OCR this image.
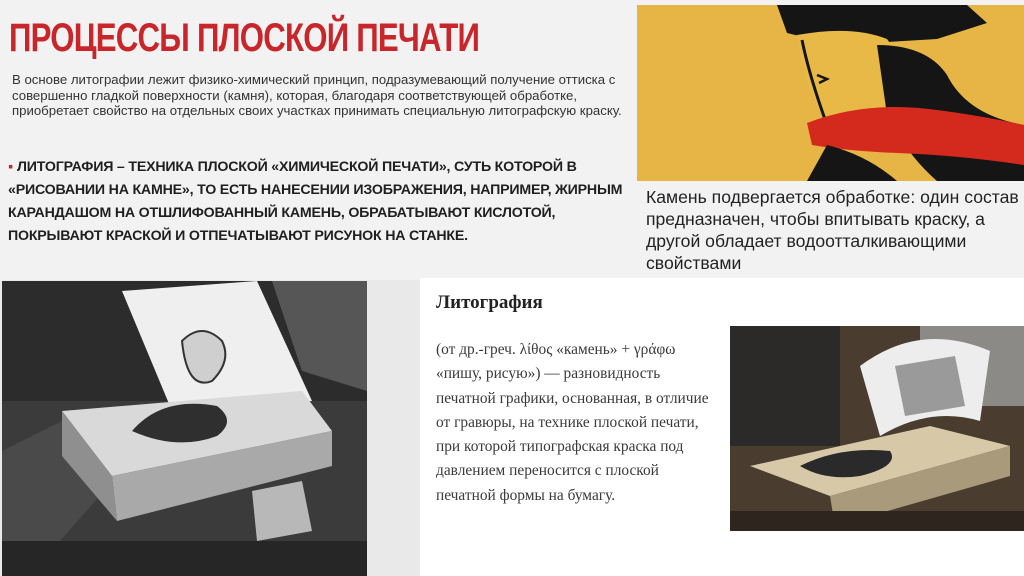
ПРОЦЕССЫ ПЛОСКОЙ ПЕЧАТИ
В основе литографии лежит физико-химический принцип, подразумевающий получение оттиска с совершенно гладкой поверхности (камня), которая, благодаря соответствующей обработке, приобретает свойство на отдельных своих участках принимать специальную литографскую краску.
▪ ЛИТОГРАФИЯ – ТЕХНИКА ПЛОСКОЙ «ХИМИЧЕСКОЙ ПЕЧАТИ», СУТЬ КОТОРОЙ В «РИСОВАНИИ НА КАМНЕ», ТО ЕСТЬ НАНЕСЕНИИ ИЗОБРАЖЕНИЯ, НАПРИМЕР, ЖИРНЫМ КАРАНДАШОМ НА ОТШЛИФОВАННЫЙ КАМЕНЬ, ОБРАБАТЫВАЮТ КИСЛОТОЙ, ПОКРЫВАЮТ КРАСКОЙ И ОТПЕЧАТЫВАЮТ РИСУНОК НА СТАНКЕ.
Камень подвергается обработке: один состав предназначен, чтобы впитывать краску, а другой обладает водоотталкивающими свойствами
Литография
(от др.-греч. λίθος «камень» + γράφω «пишу, рисую») — разновидность печатной графики, основанная, в отличие от гравюры, на технике плоской печати, при которой типографская краска под давлением переносится с плоской печатной формы на бумагу.
